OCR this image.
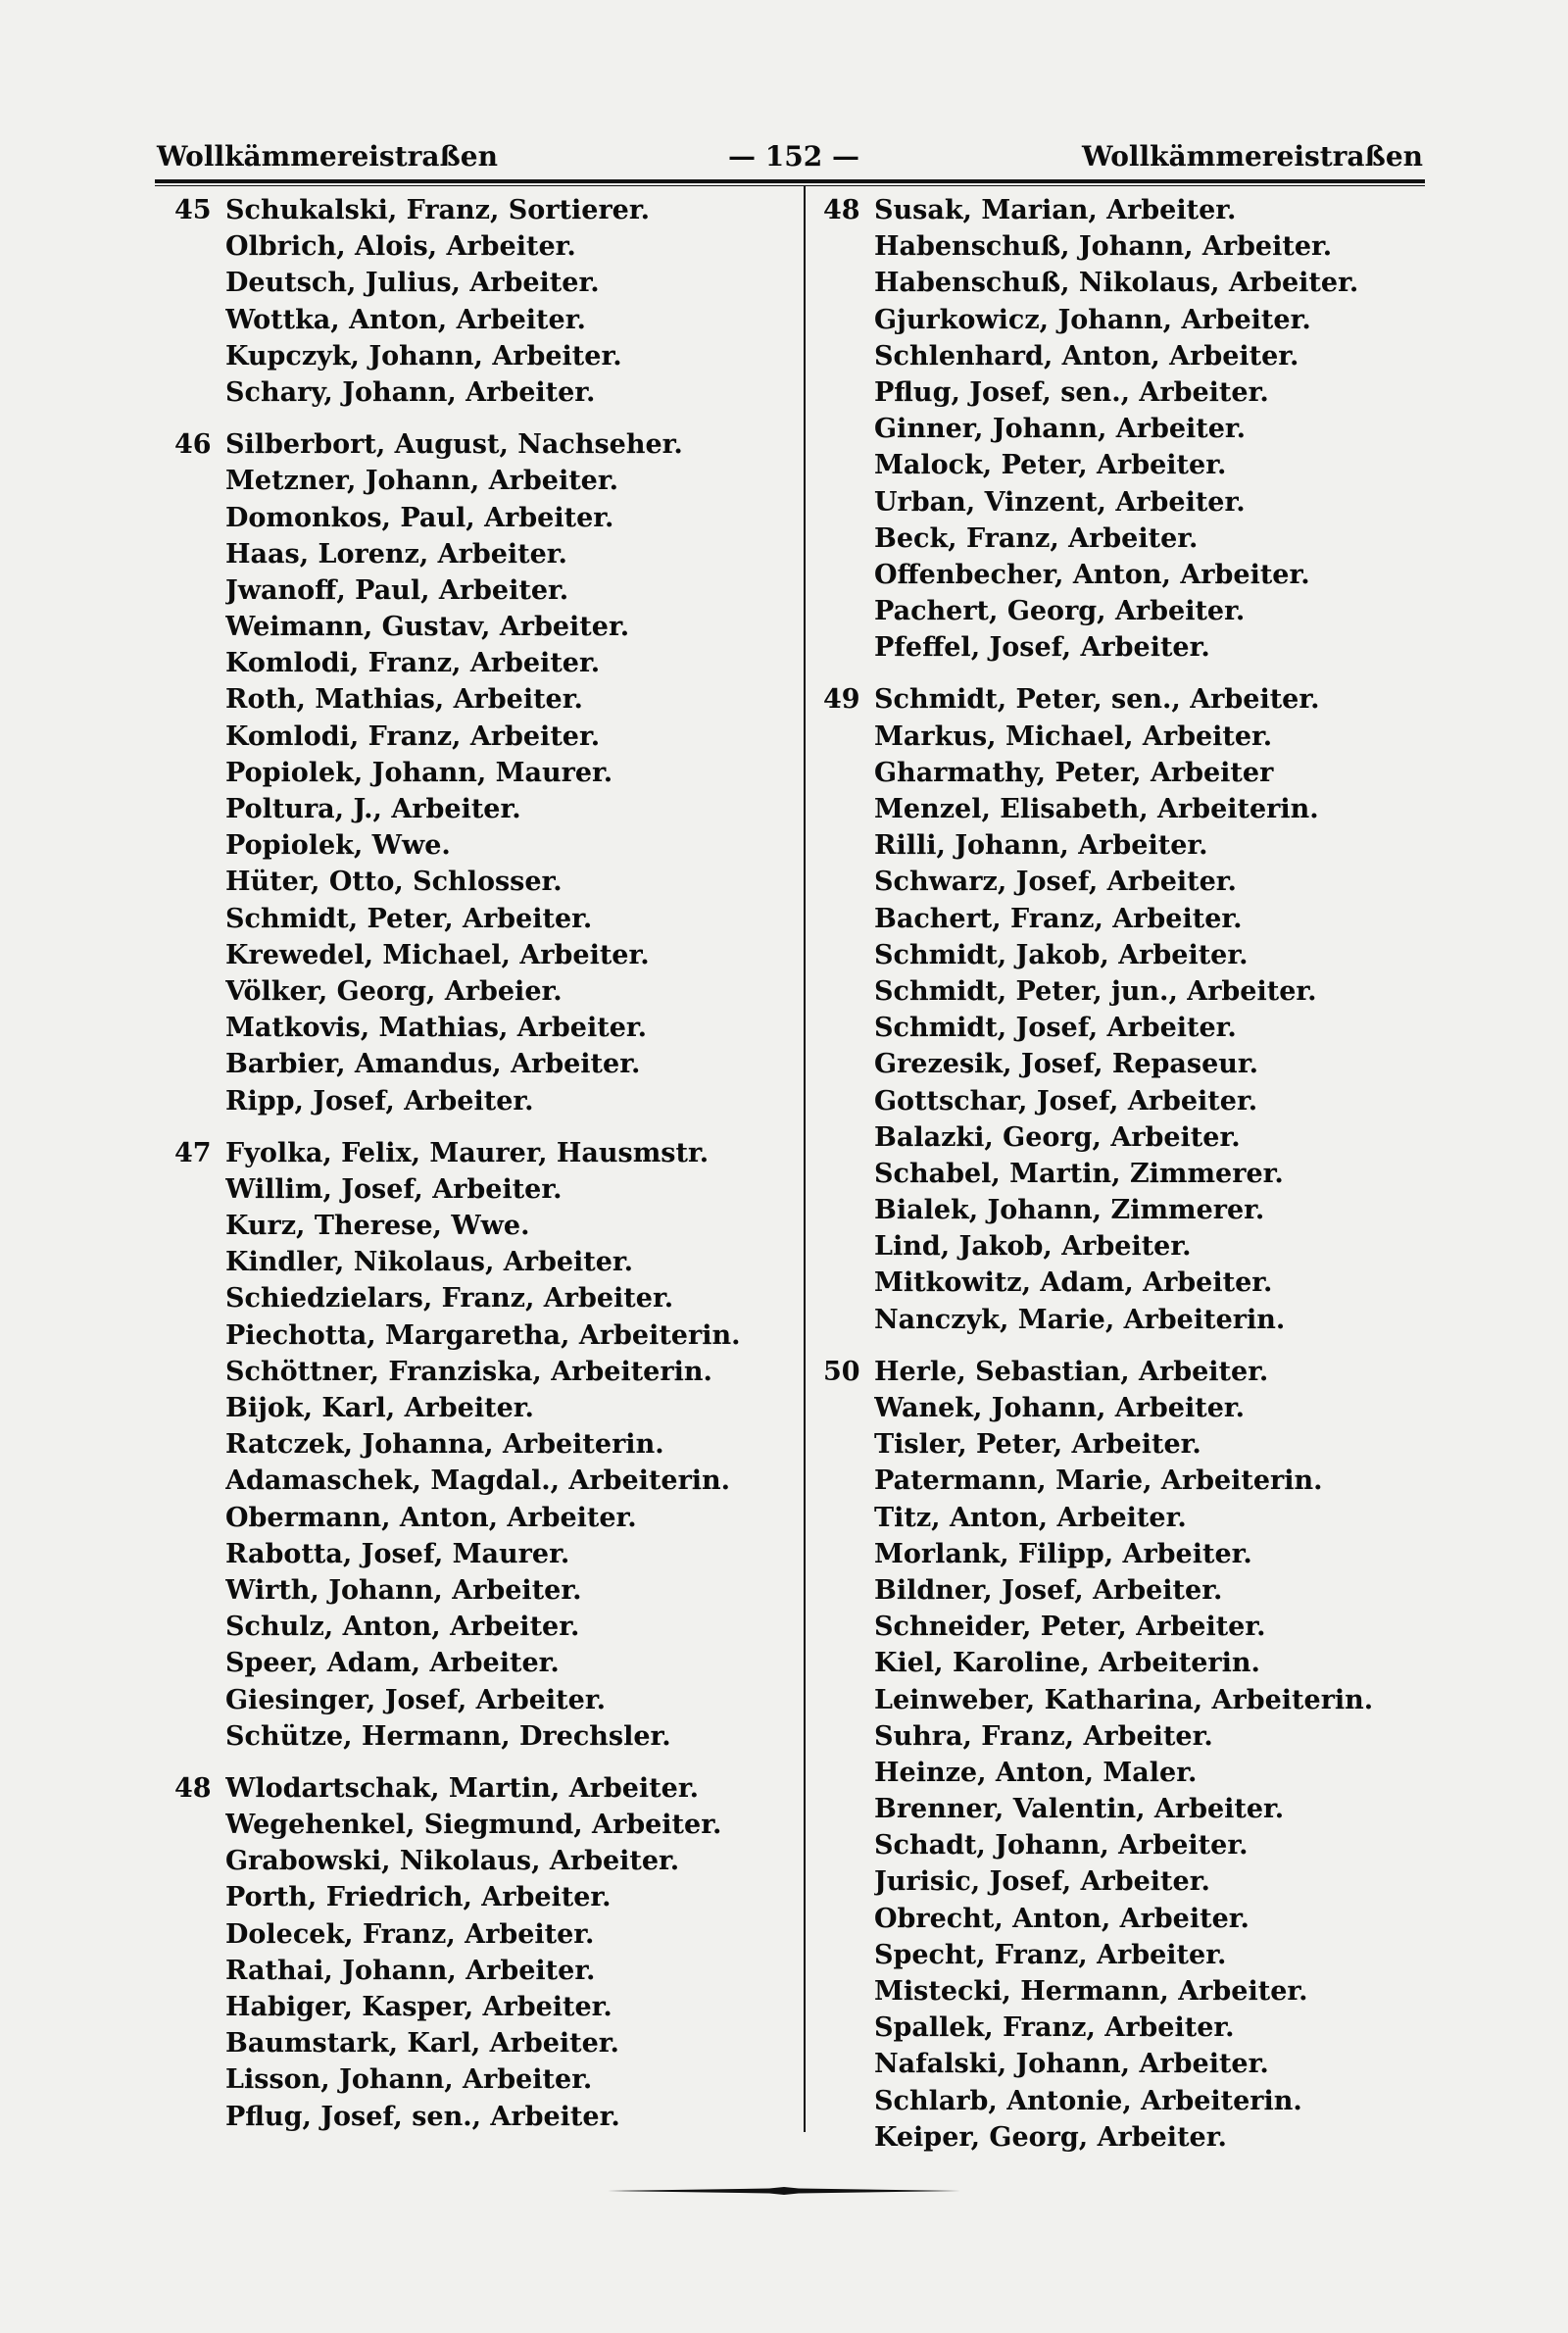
Wollkämmereistraßen	— 152 —	Wollkämmereistraßen
45 Schukalski, Franz, Sortierer.
Olbrich, Alois, Arbeiter.
Deutsch, Julius, Arbeiter.
Wottka, Anton, Arbeiter.
Kupczyk, Johann, Arbeiter.
Schary, Johann, Arbeiter.
46 Silberbort, August, Nachseher.
Metzner, Johann, Arbeiter.
Domonkos, Paul, Arbeiter.
Haas, Lorenz, Arbeiter.
Jwanoff, Paul, Arbeiter.
Weimann, Gustav, Arbeiter.
Komlodi, Franz, Arbeiter.
Roth, Mathias, Arbeiter.
Komlodi, Franz, Arbeiter.
Popiolek, Johann, Maurer.
Poltura, J., Arbeiter.
Popiolek, Wwe.
Hüter, Otto, Schlosser.
Schmidt, Peter, Arbeiter.
Krewedel, Michael, Arbeiter.
Völker, Georg, Arbeier.
Matkovis, Mathias, Arbeiter.
Barbier, Amandus, Arbeiter.
Ripp, Josef, Arbeiter.
47 Fyolka, Felix, Maurer, Hausmstr.
Willim, Josef, Arbeiter.
Kurz, Therese, Wwe.
Kindler, Nikolaus, Arbeiter.
Schiedzielars, Franz, Arbeiter.
Piechotta, Margaretha, Arbeiterin.
Schöttner, Franziska, Arbeiterin.
Bijok, Karl, Arbeiter.
Ratczek, Johanna, Arbeiterin.
Adamaschek, Magdal., Arbeiterin.
Obermann, Anton, Arbeiter.
Rabotta, Josef, Maurer.
Wirth, Johann, Arbeiter.
Schulz, Anton, Arbeiter.
Speer, Adam, Arbeiter.
Giesinger, Josef, Arbeiter.
Schütze, Hermann, Drechsler.
48 Wlodartschak, Martin, Arbeiter.
Wegehenkel, Siegmund, Arbeiter.
Grabowski, Nikolaus, Arbeiter.
Porth, Friedrich, Arbeiter.
Dolecek, Franz, Arbeiter.
Rathai, Johann, Arbeiter.
Habiger, Kasper, Arbeiter.
Baumstark, Karl, Arbeiter.
Lisson, Johann, Arbeiter.
Pflug, Josef, sen., Arbeiter.
48 Susak, Marian, Arbeiter.
Habenschuß, Johann, Arbeiter.
Habenschuß, Nikolaus, Arbeiter.
Gjurkowicz, Johann, Arbeiter.
Schlenhard, Anton, Arbeiter.
Pflug, Josef, sen., Arbeiter.
Ginner, Johann, Arbeiter.
Malock, Peter, Arbeiter.
Urban, Vinzent, Arbeiter.
Beck, Franz, Arbeiter.
Offenbecher, Anton, Arbeiter.
Pachert, Georg, Arbeiter.
Pfeffel, Josef, Arbeiter.
49 Schmidt, Peter, sen., Arbeiter.
Markus, Michael, Arbeiter.
Gharmathy, Peter, Arbeiter
Menzel, Elisabeth, Arbeiterin.
Rilli, Johann, Arbeiter.
Schwarz, Josef, Arbeiter.
Bachert, Franz, Arbeiter.
Schmidt, Jakob, Arbeiter.
Schmidt, Peter, jun., Arbeiter.
Schmidt, Josef, Arbeiter.
Grezesik, Josef, Repaseur.
Gottschar, Josef, Arbeiter.
Balazki, Georg, Arbeiter.
Schabel, Martin, Zimmerer.
Bialek, Johann, Zimmerer.
Lind, Jakob, Arbeiter.
Mitkowitz, Adam, Arbeiter.
Nanczyk, Marie, Arbeiterin.
50 Herle, Sebastian, Arbeiter.
Wanek, Johann, Arbeiter.
Tisler, Peter, Arbeiter.
Patermann, Marie, Arbeiterin.
Titz, Anton, Arbeiter.
Morlank, Filipp, Arbeiter.
Bildner, Josef, Arbeiter.
Schneider, Peter, Arbeiter.
Kiel, Karoline, Arbeiterin.
Leinweber, Katharina, Arbeiterin.
Suhra, Franz, Arbeiter.
Heinze, Anton, Maler.
Brenner, Valentin, Arbeiter.
Schadt, Johann, Arbeiter.
Jurisic, Josef, Arbeiter.
Obrecht, Anton, Arbeiter.
Specht, Franz, Arbeiter.
Mistecki, Hermann, Arbeiter.
Spallek, Franz, Arbeiter.
Nafalski, Johann, Arbeiter.
Schlarb, Antonie, Arbeiterin.
Keiper, Georg, Arbeiter.
